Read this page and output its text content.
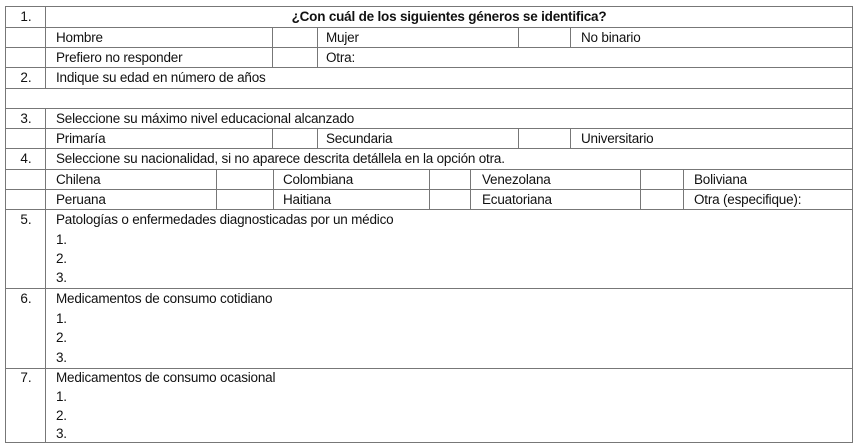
1.	¿Con cuál de los siguientes géneros se identifica?
Hombre	Mujer	No binario
Prefiero no responder	Otra:
2.	Indique su edad en número de años
3.	Seleccione su máximo nivel educacional alcanzado
Primaría	Secundaria	Universitario
4.	Seleccione su nacionalidad, si no aparece descrita detállela en la opción otra.
Chilena	Colombiana	Venezolana	Boliviana
Peruana	Haitiana	Ecuatoriana	Otra (especifique):
5.	Patologías o enfermedades diagnosticadas por un médico
1.
2.
3.
6.	Medicamentos de consumo cotidiano
1.
2.
3.
7.	Medicamentos de consumo ocasional
1.
2.
3.
